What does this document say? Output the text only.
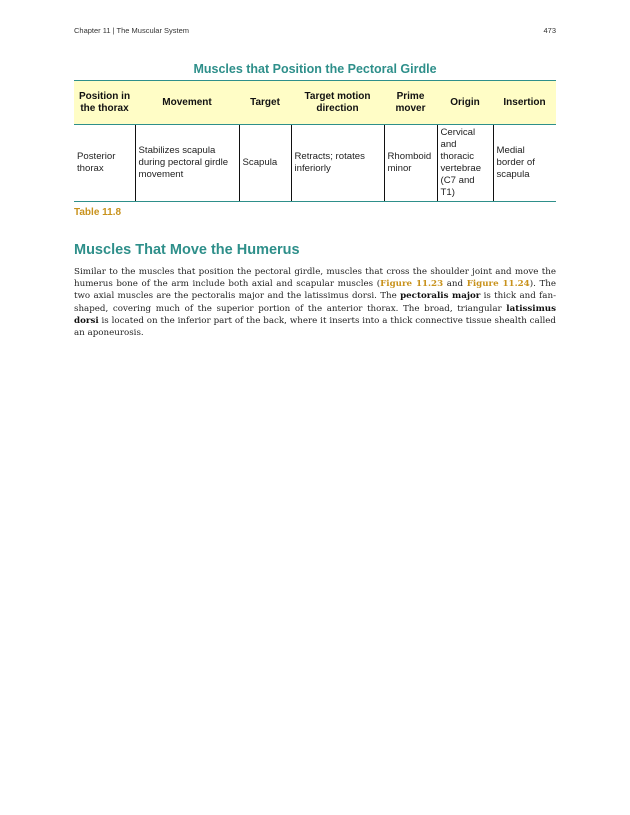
Chapter 11 | The Muscular System	473
Muscles that Position the Pectoral Girdle
Position in the thorax	Movement	Target	Target motion direction	Prime mover	Origin	Insertion
Posterior thorax	Stabilizes scapula during pectoral girdle movement	Scapula	Retracts; rotates inferiorly	Rhomboid minor	Cervical and thoracic vertebrae (C7 and T1)	Medial border of scapula
Table 11.8
Muscles That Move the Humerus

Similar to the muscles that position the pectoral girdle, muscles that cross the shoulder joint and move the humerus bone of the arm include both axial and scapular muscles (Figure 11.23 and Figure 11.24). The two axial muscles are the pectoralis major and the latissimus dorsi. The pectoralis major is thick and fan-shaped, covering much of the superior portion of the anterior thorax. The broad, triangular latissimus dorsi is located on the inferior part of the back, where it inserts into a thick connective tissue shealth called an aponeurosis.
